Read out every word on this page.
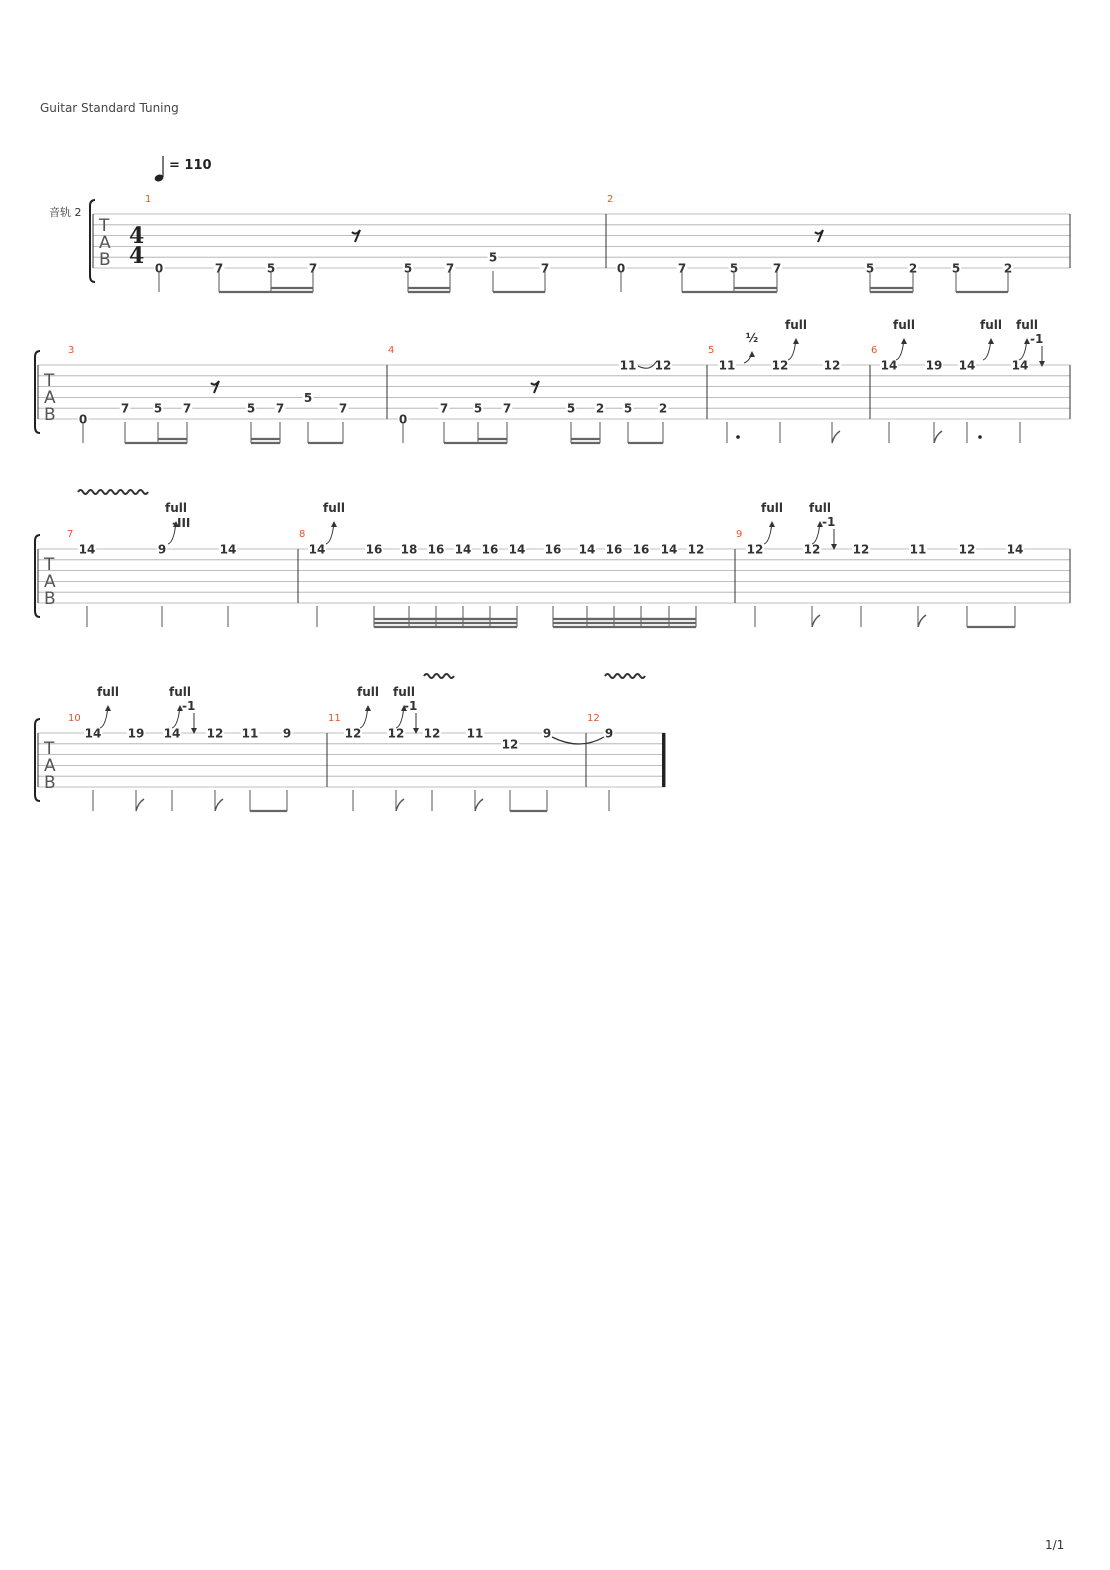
Guitar Standard Tuning
1/1
= 110
音轨 2
T
A
B
4
4
T
A
B
T
A
B
T
A
B
1
0	7	5	7	5	7
5
7
2
0	7	5	7	5	2	5	2
3
0
7 5 7	5 7
5
7
4
0
7 5 7	5 2 5 2
11 12
5
11	12	12
6
14 19 14	14
7
14	9	14
8
14	16 18 16 14 16 14 16 14 16 16 14 12
9
12	12	12	11	12	14
10
14 19 14 12 11 9
11
12 12 12 11
12
9
12
9
½
full	full	full full
full	full	full full
full	full	full full
-1
-1
-1	-1
-III
